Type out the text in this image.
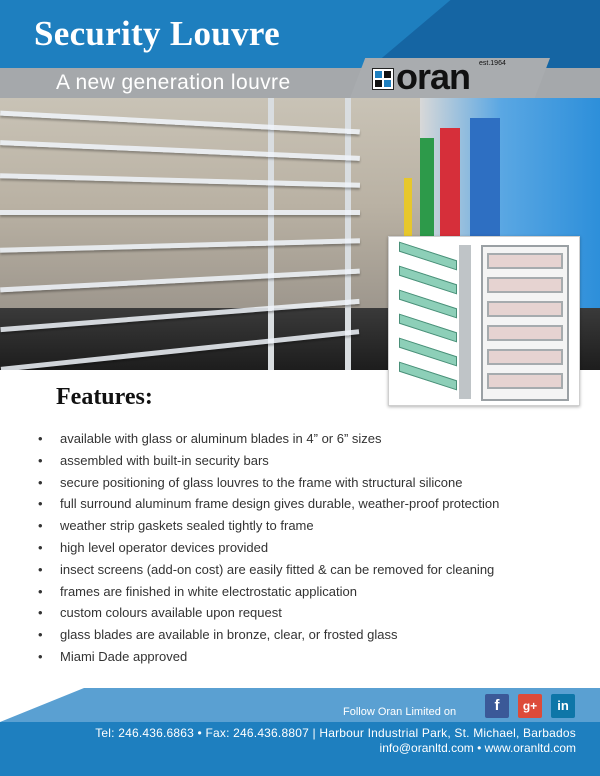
Security Louvre
A new generation louvre
est.1964
oran
Features:
• available with glass or aluminum blades in 4” or 6” sizes
• assembled with built-in security bars
• secure positioning of glass louvres to the frame with structural silicone
• full surround aluminum frame design gives durable, weather-proof protection
• weather strip gaskets sealed tightly to frame
• high level operator devices provided
• insect screens (add-on cost) are easily fitted & can be removed for cleaning
• frames are finished in white electrostatic application
• custom colours available upon request
• glass blades are available in bronze, clear, or frosted glass
• Miami Dade approved
Follow Oran Limited on	f	g+	in
Tel: 246.436.6863 • Fax: 246.436.8807 | Harbour Industrial Park, St. Michael, Barbados
info@oranltd.com • www.oranltd.com
